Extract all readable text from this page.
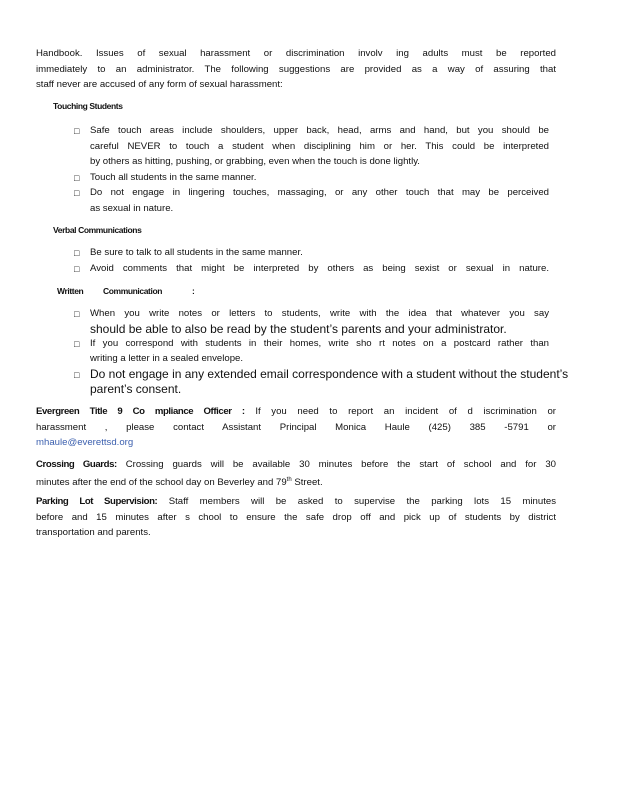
Handbook. Issues of sexual harassment or discrimination involv ing adults must be reported
immediately to an administrator. The following suggestions are provided as a way of assuring that
staff never are accused of any form of sexual harassment:
Touching Students
□ Safe touch areas include shoulders, upper back, head, arms and hand, but you should be
careful NEVER to touch a student when disciplining him or her. This could be interpreted
by others as hitting, pushing, or grabbing, even when the touch is done lightly.
□ Touch all students in the same manner.
□ Do not engage in lingering touches, massaging, or any other touch that may be perceived
as sexual in nature.
Verbal Communications
□ Be sure to talk to all students in the same manner.
□ Avoid comments that might be interpreted by others as being sexist or sexual in nature.
Written Communication	:
□ When you write notes or letters to students, write with the idea that whatever you say
should be able to also be read by the student’s parents and your administrator.
□ If you correspond with students in their homes, write sho rt notes on a postcard rather than
writing a letter in a sealed envelope.
□ Do not engage in any extended email correspondence with a student without the student’s
parent’s consent.
Evergreen Title 9 Co mpliance Officer : If you need to report an incident of d iscrimination or
harassment , please contact Assistant Principal Monica Haule (425) 385 -5791 or
mhaule@everettsd.org
Crossing Guards: Crossing guards will be available 30 minutes before the start of school and for 30
minutes after the end of the school day on Beverley and 79th Street.
Parking Lot Supervision: Staff members will be asked to supervise the parking lots 15 minutes
before and 15 minutes after s chool to ensure the safe drop off and pick up of students by district
transportation and parents.
